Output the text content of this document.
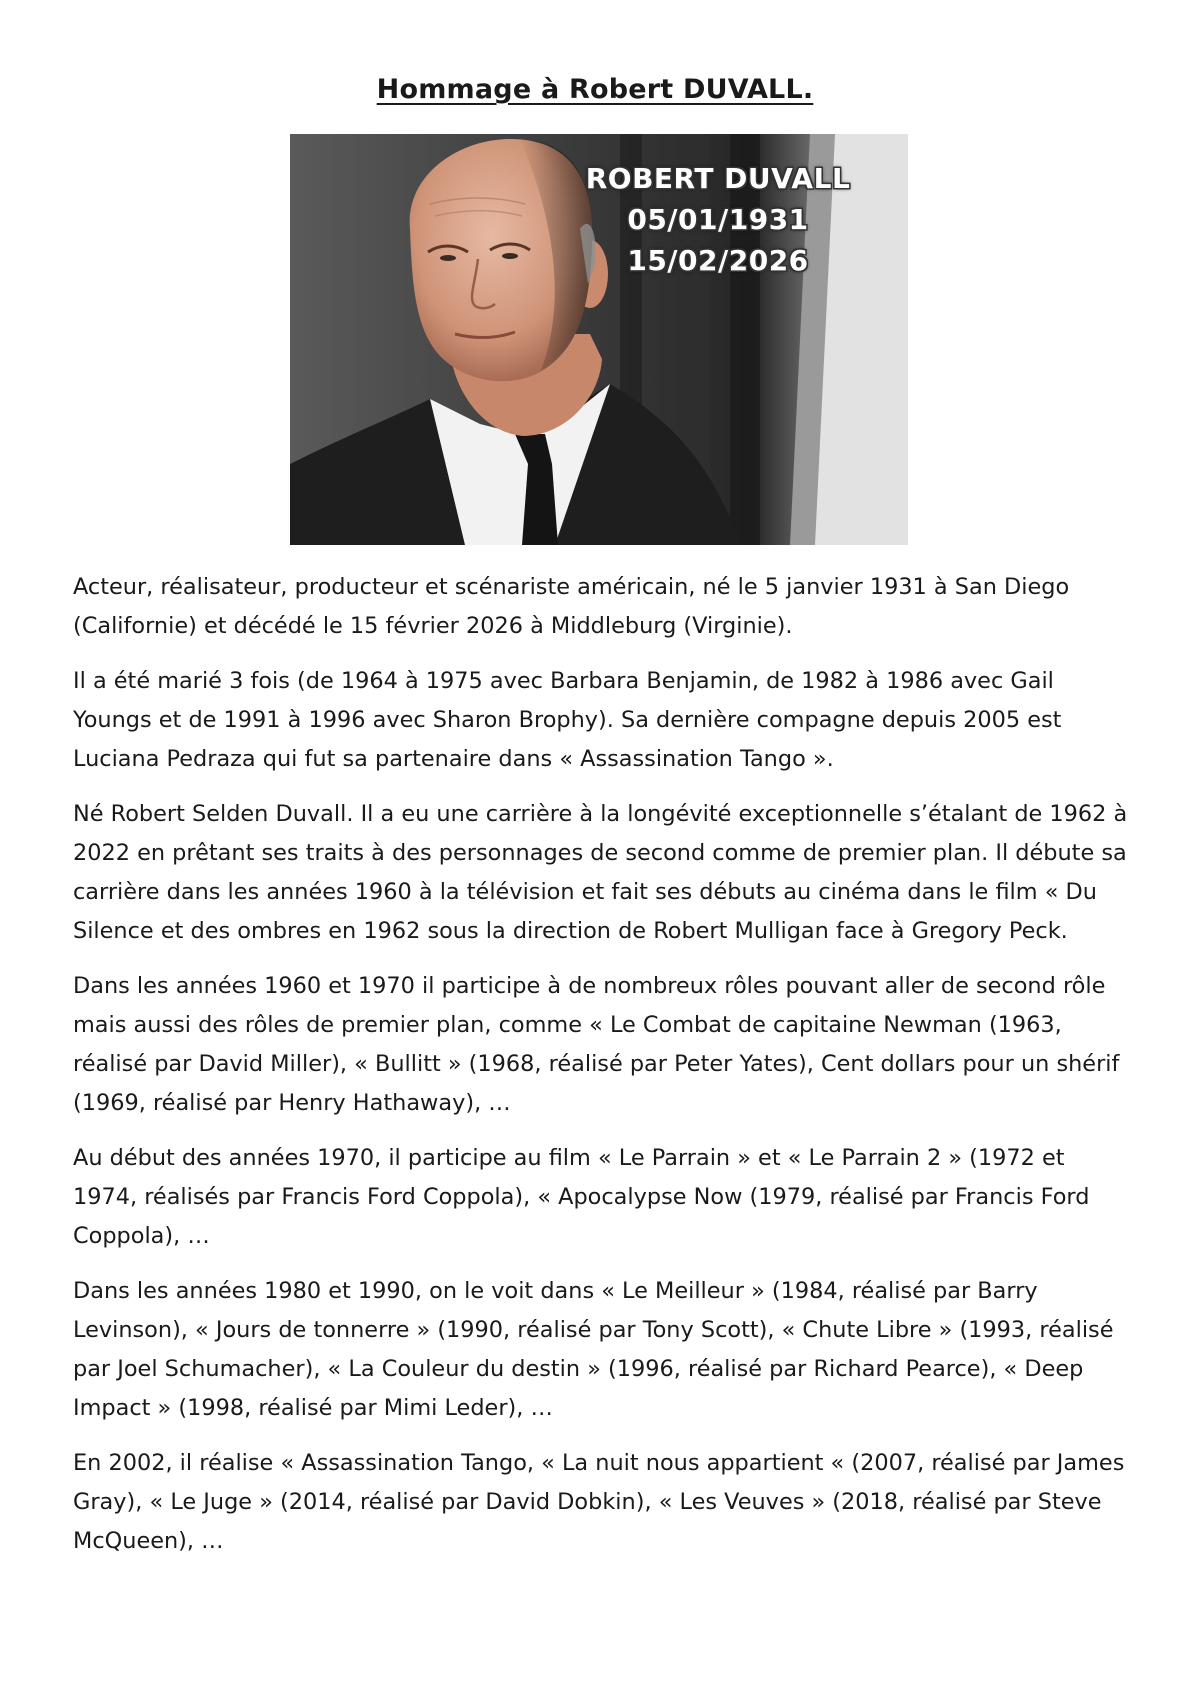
Hommage à Robert DUVALL.
ROBERT DUVALL
05/01/1931
15/02/2026

Acteur, réalisateur, producteur et scénariste américain, né le 5 janvier 1931 à San Diego (Californie) et décédé le 15 février 2026 à Middleburg (Virginie).

Il a été marié 3 fois (de 1964 à 1975 avec Barbara Benjamin, de 1982 à 1986 avec Gail Youngs et de 1991 à 1996 avec Sharon Brophy). Sa dernière compagne depuis 2005 est Luciana Pedraza qui fut sa partenaire dans « Assassination Tango ».

Né Robert Selden Duvall. Il a eu une carrière à la longévité exceptionnelle s’étalant de 1962 à 2022 en prêtant ses traits à des personnages de second comme de premier plan. Il débute sa carrière dans les années 1960 à la télévision et fait ses débuts au cinéma dans le film « Du Silence et des ombres en 1962 sous la direction de Robert Mulligan face à Gregory Peck.

Dans les années 1960 et 1970 il participe à de nombreux rôles pouvant aller de second rôle mais aussi des rôles de premier plan, comme « Le Combat de capitaine Newman (1963, réalisé par David Miller), « Bullitt » (1968, réalisé par Peter Yates), Cent dollars pour un shérif (1969, réalisé par Henry Hathaway), …

Au début des années 1970, il participe au film « Le Parrain » et « Le Parrain 2 » (1972 et 1974, réalisés par Francis Ford Coppola), « Apocalypse Now (1979, réalisé par Francis Ford Coppola), …

Dans les années 1980 et 1990, on le voit dans « Le Meilleur » (1984, réalisé par Barry Levinson), « Jours de tonnerre » (1990, réalisé par Tony Scott), « Chute Libre » (1993, réalisé par Joel Schumacher), « La Couleur du destin » (1996, réalisé par Richard Pearce), « Deep Impact » (1998, réalisé par Mimi Leder), …

En 2002, il réalise « Assassination Tango, « La nuit nous appartient « (2007, réalisé par James Gray), « Le Juge » (2014, réalisé par David Dobkin), « Les Veuves » (2018, réalisé par Steve McQueen), …
